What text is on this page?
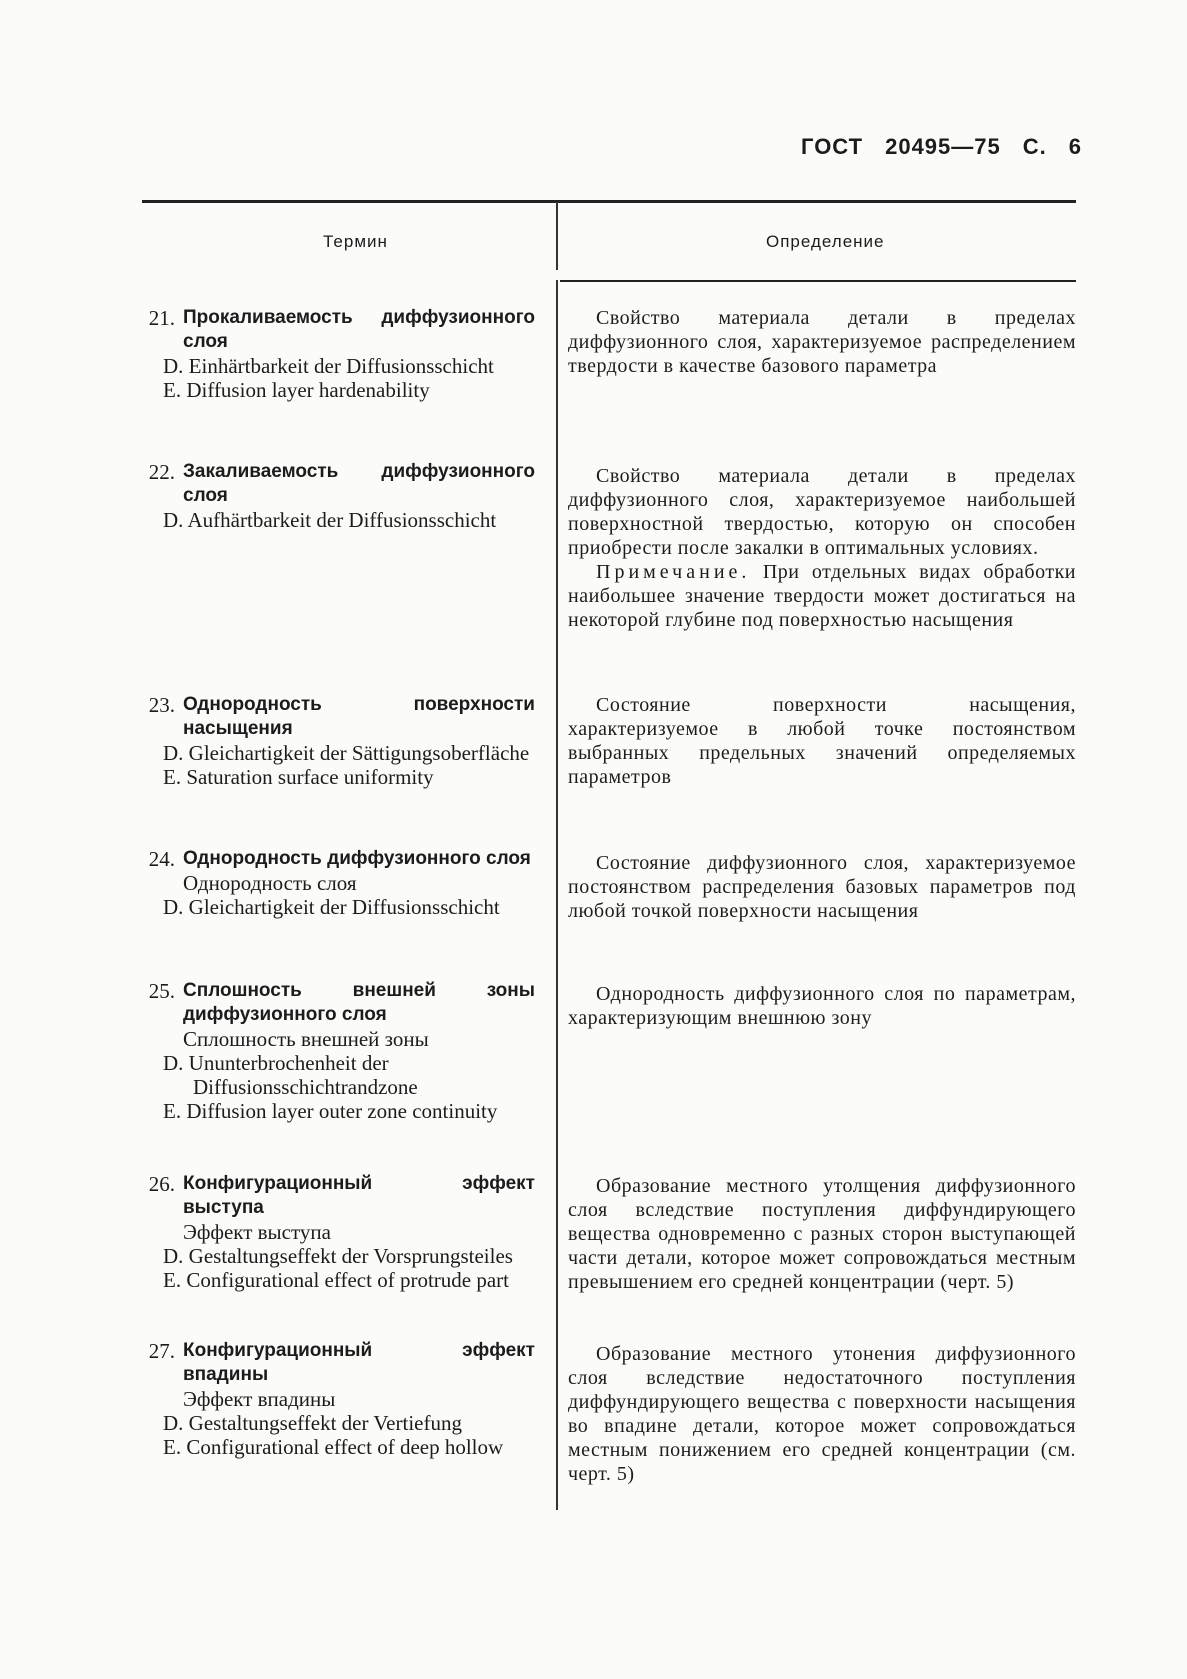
ГОСТ 20495—75 С. 6
Термин	Определение
21. Прокаливаемость диффузионного слоя
D. Einhärtbarkeit der Diffusionsschicht
E. Diffusion layer hardenability

Свойство материала детали в пределах диффузионного слоя, характеризуемое распределением твердости в качестве базового параметра

22. Закаливаемость диффузионного слоя
D. Aufhärtbarkeit der Diffusionsschicht

Свойство материала детали в пределах диффузионного слоя, характеризуемое наибольшей поверхностной твердостью, которую он способен приобрести после закалки в оптимальных условиях.

Примечание. При отдельных видах обработки наибольшее значение твердости может достигаться на некоторой глубине под поверхностью насыщения

23. Однородность поверхности насыщения
D. Gleichartigkeit der Sättigungsoberfläche
E. Saturation surface uniformity

Состояние поверхности насыщения, характеризуемое в любой точке постоянством выбранных предельных значений определяемых параметров

24. Однородность диффузионного слоя
Однородность слоя
D. Gleichartigkeit der Diffusionsschicht

Состояние диффузионного слоя, характеризуемое постоянством распределения базовых параметров под любой точкой поверхности насыщения

25. Сплошность внешней зоны диффузионного слоя
Сплошность внешней зоны
D. Ununterbrochenheit der Diffusionsschichtrandzone
E. Diffusion layer outer zone continuity

Однородность диффузионного слоя по параметрам, характеризующим внешнюю зону

26. Конфигурационный эффект выступа
Эффект выступа
D. Gestaltungseffekt der Vorsprungsteiles
E. Configurational effect of protrude part

Образование местного утолщения диффузионного слоя вследствие поступления диффундирующего вещества одновременно с разных сторон выступающей части детали, которое может сопровождаться местным превышением его средней концентрации (черт. 5)

27. Конфигурационный эффект впадины
Эффект впадины
D. Gestaltungseffekt der Vertiefung
E. Configurational effect of deep hollow

Образование местного утонения диффузионного слоя вследствие недостаточного поступления диффундирующего вещества с поверхности насыщения во впадине детали, которое может сопровождаться местным понижением его средней концентрации (см. черт. 5)
